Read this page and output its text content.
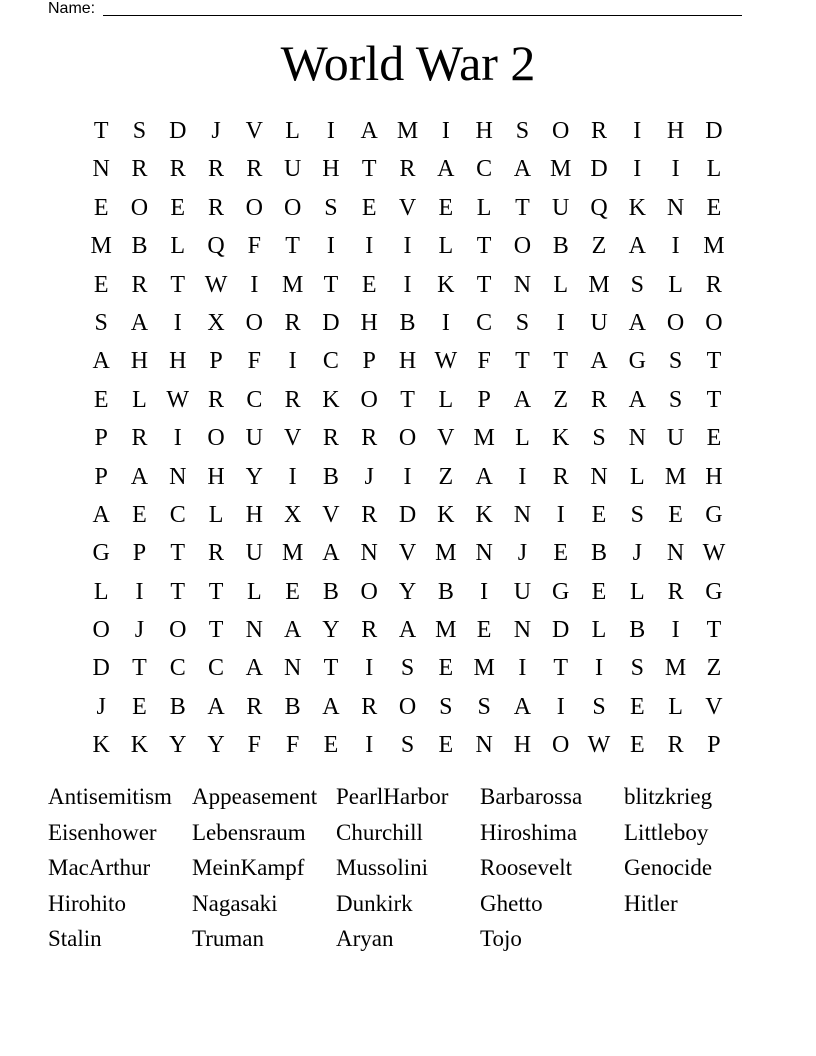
Name:
World War 2
T	S D	J	V L	I	A M I	H S O R	I	H D
N R R R R U H T R A C A M D	I	I	L
E O E R O O S	E V E L T U Q K N E
M B L Q F	T	I	I	I	L T O B Z A	I M
E R T W I M T E	I	K T N L M S	L R
S A	I	X O R D H B	I	C S	I	U A O O
A H H P	F	I	C P H W F	T T A G S	T
E L W R C R K O T L	P A Z R A S	T
P R	I	O U V R R O V M L K S N U E
P A N H Y	I	B	J	I	Z A	I	R N L M H
A E C L H X V R D K K N	I	E	S	E G
G P	T R U M A N V M N	J	E B	J	N W
L	I	T T L E B O Y B	I	U G E L R G
O	J	O T N A Y R A M E N D L B	I	T
D T C C A N T	I	S	E M I	T	I	S M Z
J	E B A R B A R O S	S A	I	S	E L V
K K Y Y F	F	E	I	S	E N H O W E R P
Antisemitism Appeasement PearlHarbor	Barbarossa	blitzkrieg
Eisenhower	Lebensraum	Churchill	Hiroshima	Littleboy
MacArthur	MeinKampf	Mussolini	Roosevelt	Genocide
Hirohito	Nagasaki	Dunkirk	Ghetto	Hitler
Stalin	Truman	Aryan	Tojo
